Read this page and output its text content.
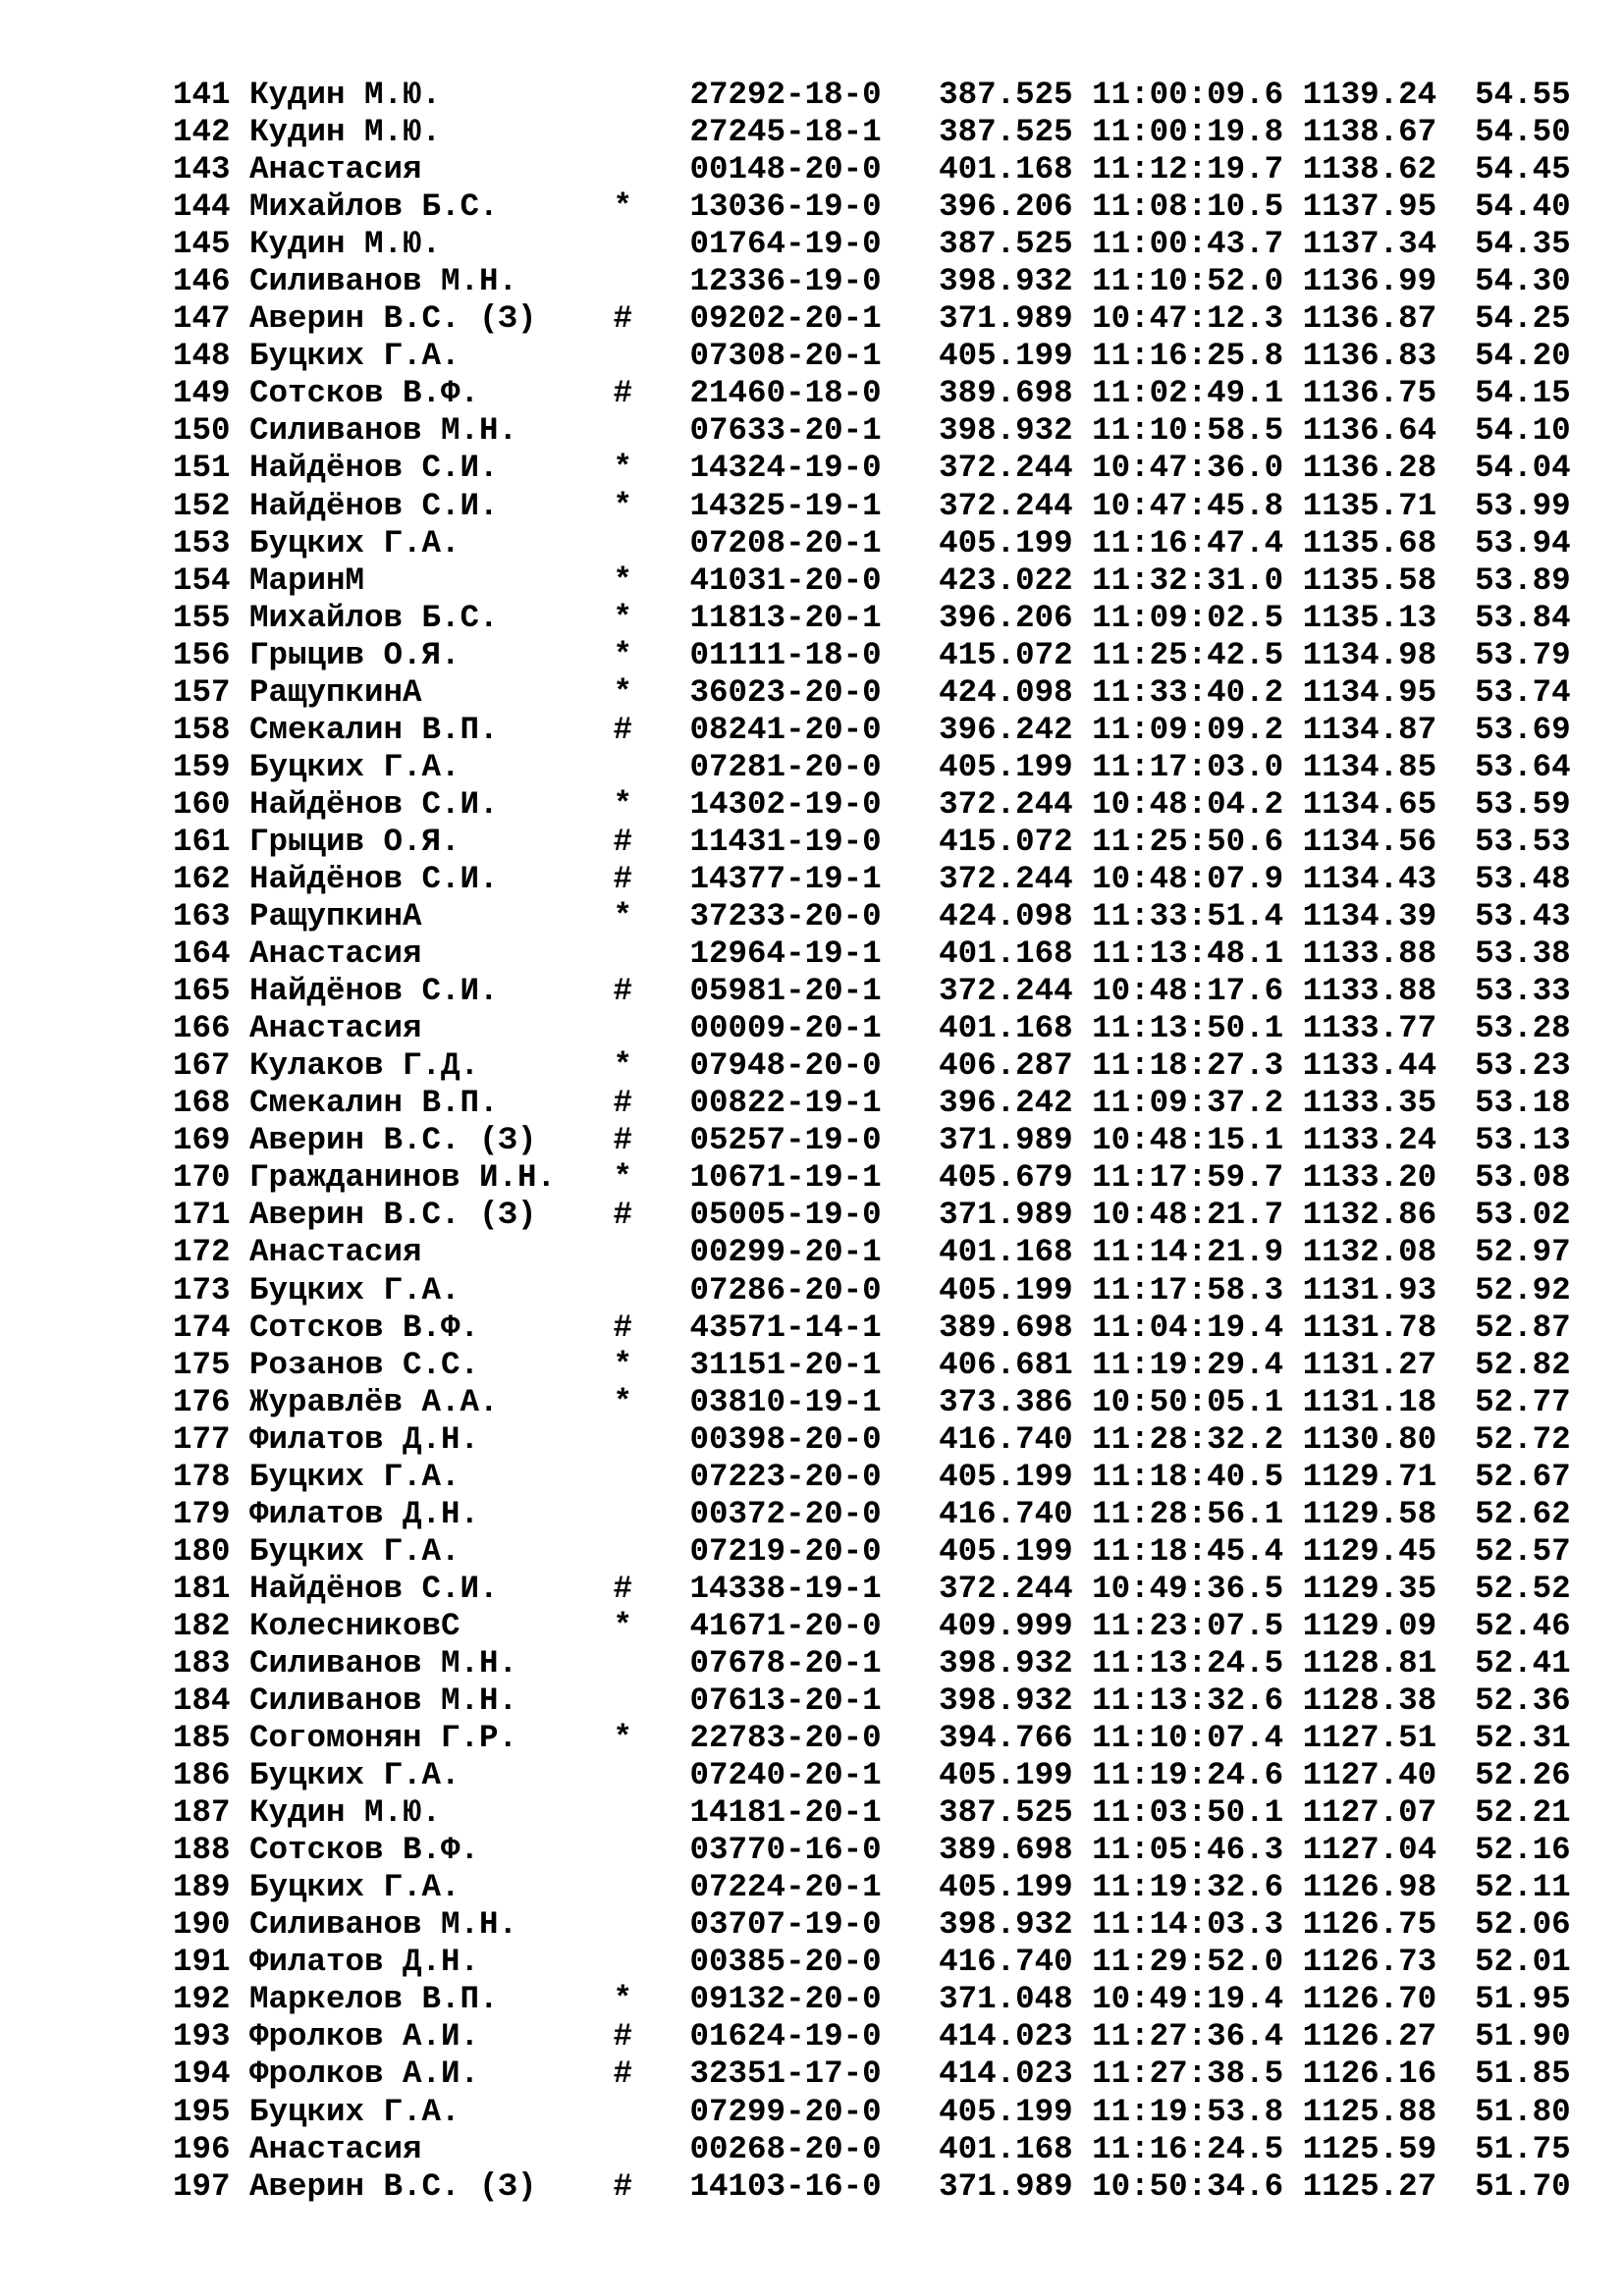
141 Кудин М.Ю.	27292-18-0 387.525 11:00:09.6 1139.24 54.55
142 Кудин М.Ю.	27245-18-1 387.525 11:00:19.8 1138.67 54.50
143 Анастасия	00148-20-0 401.168 11:12:19.7 1138.62 54.45
144 Михайлов Б.С.	* 13036-19-0 396.206 11:08:10.5 1137.95 54.40
145 Кудин М.Ю.	01764-19-0 387.525 11:00:43.7 1137.34 54.35
146 Силиванов М.Н.	12336-19-0 398.932 11:10:52.0 1136.99 54.30
147 Аверин В.С. (З) # 09202-20-1 371.989 10:47:12.3 1136.87 54.25
148 Буцких Г.А.	07308-20-1 405.199 11:16:25.8 1136.83 54.20
149 Сотсков В.Ф.	# 21460-18-0 389.698 11:02:49.1 1136.75 54.15
150 Силиванов М.Н.	07633-20-1 398.932 11:10:58.5 1136.64 54.10
151 Найдёнов С.И.	* 14324-19-0 372.244 10:47:36.0 1136.28 54.04
152 Найдёнов С.И.	* 14325-19-1 372.244 10:47:45.8 1135.71 53.99
153 Буцких Г.А.	07208-20-1 405.199 11:16:47.4 1135.68 53.94
154 МаринМ	* 41031-20-0 423.022 11:32:31.0 1135.58 53.89
155 Михайлов Б.С.	* 11813-20-1 396.206 11:09:02.5 1135.13 53.84
156 Грыцив О.Я.	* 01111-18-0 415.072 11:25:42.5 1134.98 53.79
157 РащупкинА	* 36023-20-0 424.098 11:33:40.2 1134.95 53.74
158 Смекалин В.П.	# 08241-20-0 396.242 11:09:09.2 1134.87 53.69
159 Буцких Г.А.	07281-20-0 405.199 11:17:03.0 1134.85 53.64
160 Найдёнов С.И.	* 14302-19-0 372.244 10:48:04.2 1134.65 53.59
161 Грыцив О.Я.	# 11431-19-0 415.072 11:25:50.6 1134.56 53.53
162 Найдёнов С.И.	# 14377-19-1 372.244 10:48:07.9 1134.43 53.48
163 РащупкинА	* 37233-20-0 424.098 11:33:51.4 1134.39 53.43
164 Анастасия	12964-19-1 401.168 11:13:48.1 1133.88 53.38
165 Найдёнов С.И.	# 05981-20-1 372.244 10:48:17.6 1133.88 53.33
166 Анастасия	00009-20-1 401.168 11:13:50.1 1133.77 53.28
167 Кулаков Г.Д.	* 07948-20-0 406.287 11:18:27.3 1133.44 53.23
168 Смекалин В.П.	# 00822-19-1 396.242 11:09:37.2 1133.35 53.18
169 Аверин В.С. (З) # 05257-19-0 371.989 10:48:15.1 1133.24 53.13
170 Гражданинов И.Н. * 10671-19-1 405.679 11:17:59.7 1133.20 53.08
171 Аверин В.С. (З) # 05005-19-0 371.989 10:48:21.7 1132.86 53.02
172 Анастасия	00299-20-1 401.168 11:14:21.9 1132.08 52.97
173 Буцких Г.А.	07286-20-0 405.199 11:17:58.3 1131.93 52.92
174 Сотсков В.Ф.	# 43571-14-1 389.698 11:04:19.4 1131.78 52.87
175 Розанов С.С.	* 31151-20-1 406.681 11:19:29.4 1131.27 52.82
176 Журавлёв А.А.	* 03810-19-1 373.386 10:50:05.1 1131.18 52.77
177 Филатов Д.Н.	00398-20-0 416.740 11:28:32.2 1130.80 52.72
178 Буцких Г.А.	07223-20-0 405.199 11:18:40.5 1129.71 52.67
179 Филатов Д.Н.	00372-20-0 416.740 11:28:56.1 1129.58 52.62
180 Буцких Г.А.	07219-20-0 405.199 11:18:45.4 1129.45 52.57
181 Найдёнов С.И.	# 14338-19-1 372.244 10:49:36.5 1129.35 52.52
182 КолесниковС	* 41671-20-0 409.999 11:23:07.5 1129.09 52.46
183 Силиванов М.Н.	07678-20-1 398.932 11:13:24.5 1128.81 52.41
184 Силиванов М.Н.	07613-20-1 398.932 11:13:32.6 1128.38 52.36
185 Согомонян Г.Р.	* 22783-20-0 394.766 11:10:07.4 1127.51 52.31
186 Буцких Г.А.	07240-20-1 405.199 11:19:24.6 1127.40 52.26
187 Кудин М.Ю.	14181-20-1 387.525 11:03:50.1 1127.07 52.21
188 Сотсков В.Ф.	03770-16-0 389.698 11:05:46.3 1127.04 52.16
189 Буцких Г.А.	07224-20-1 405.199 11:19:32.6 1126.98 52.11
190 Силиванов М.Н.	03707-19-0 398.932 11:14:03.3 1126.75 52.06
191 Филатов Д.Н.	00385-20-0 416.740 11:29:52.0 1126.73 52.01
192 Маркелов В.П.	* 09132-20-0 371.048 10:49:19.4 1126.70 51.95
193 Фролков А.И.	# 01624-19-0 414.023 11:27:36.4 1126.27 51.90
194 Фролков А.И.	# 32351-17-0 414.023 11:27:38.5 1126.16 51.85
195 Буцких Г.А.	07299-20-0 405.199 11:19:53.8 1125.88 51.80
196 Анастасия	00268-20-0 401.168 11:16:24.5 1125.59 51.75
197 Аверин В.С. (З) # 14103-16-0 371.989 10:50:34.6 1125.27 51.70
